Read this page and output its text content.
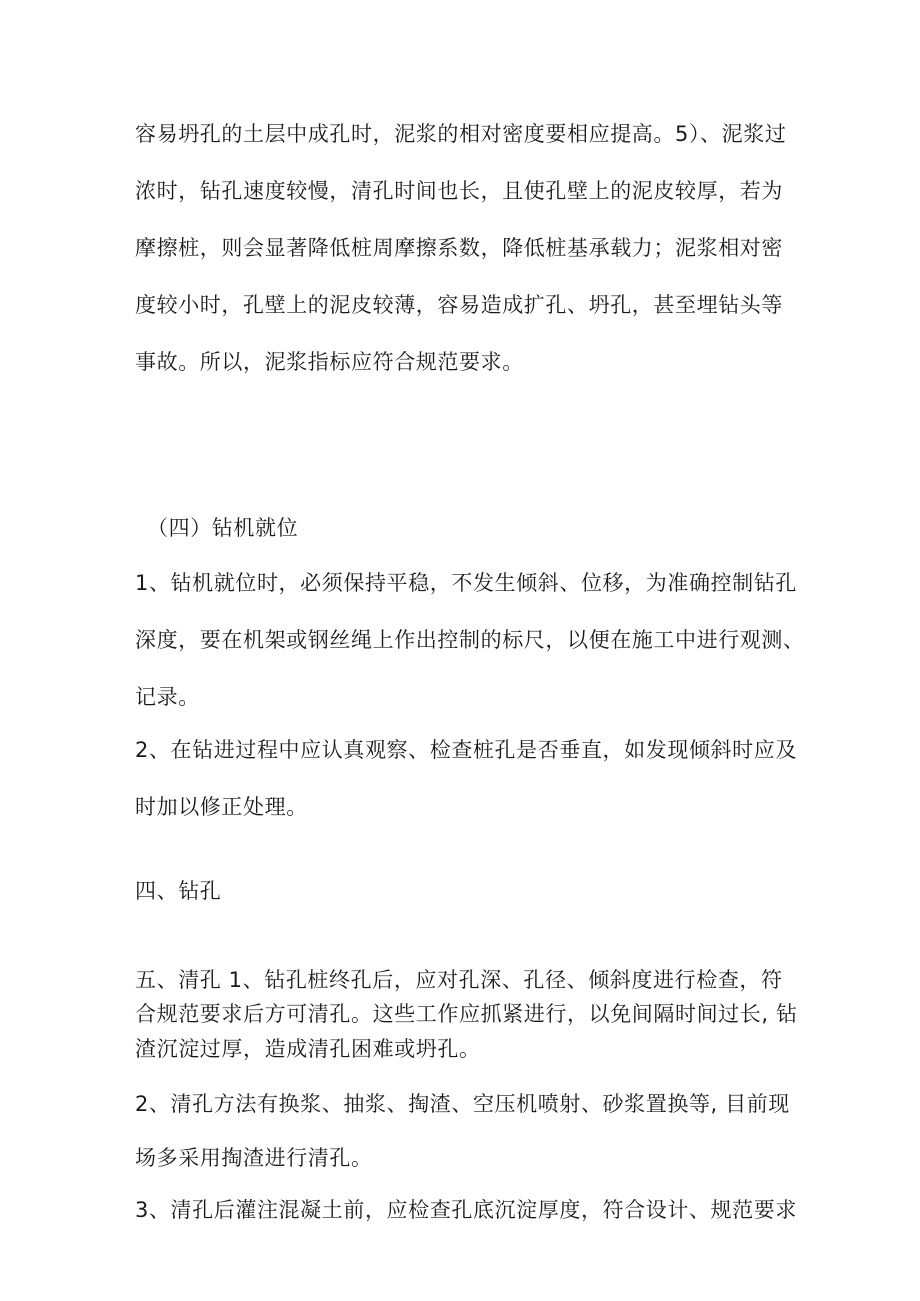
容易坍孔的土层中成孔时，泥浆的相对密度要相应提高。5）、泥浆过
浓时，钻孔速度较慢，清孔时间也长，且使孔壁上的泥皮较厚，若为
摩擦桩，则会显著降低桩周摩擦系数，降低桩基承载力；泥浆相对密
度较小时，孔壁上的泥皮较薄，容易造成扩孔、坍孔，甚至埋钻头等
事故。所以，泥浆指标应符合规范要求。
（四）钻机就位
1、钻机就位时，必须保持平稳，不发生倾斜、位移，为准确控制钻孔
深度，要在机架或钢丝绳上作出控制的标尺，以便在施工中进行观测、
记录。
2、在钻进过程中应认真观察、检查桩孔是否垂直，如发现倾斜时应及
时加以修正处理。
四、钻孔
五、清孔 1、钻孔桩终孔后，应对孔深、孔径、倾斜度进行检查，符
合规范要求后方可清孔。这些工作应抓紧进行，以免间隔时间过长, 钻
渣沉淀过厚，造成清孔困难或坍孔。
2、清孔方法有换浆、抽浆、掏渣、空压机喷射、砂浆置换等, 目前现
场多采用掏渣进行清孔。
3、清孔后灌注混凝土前，应检查孔底沉淀厚度，符合设计、规范要求
